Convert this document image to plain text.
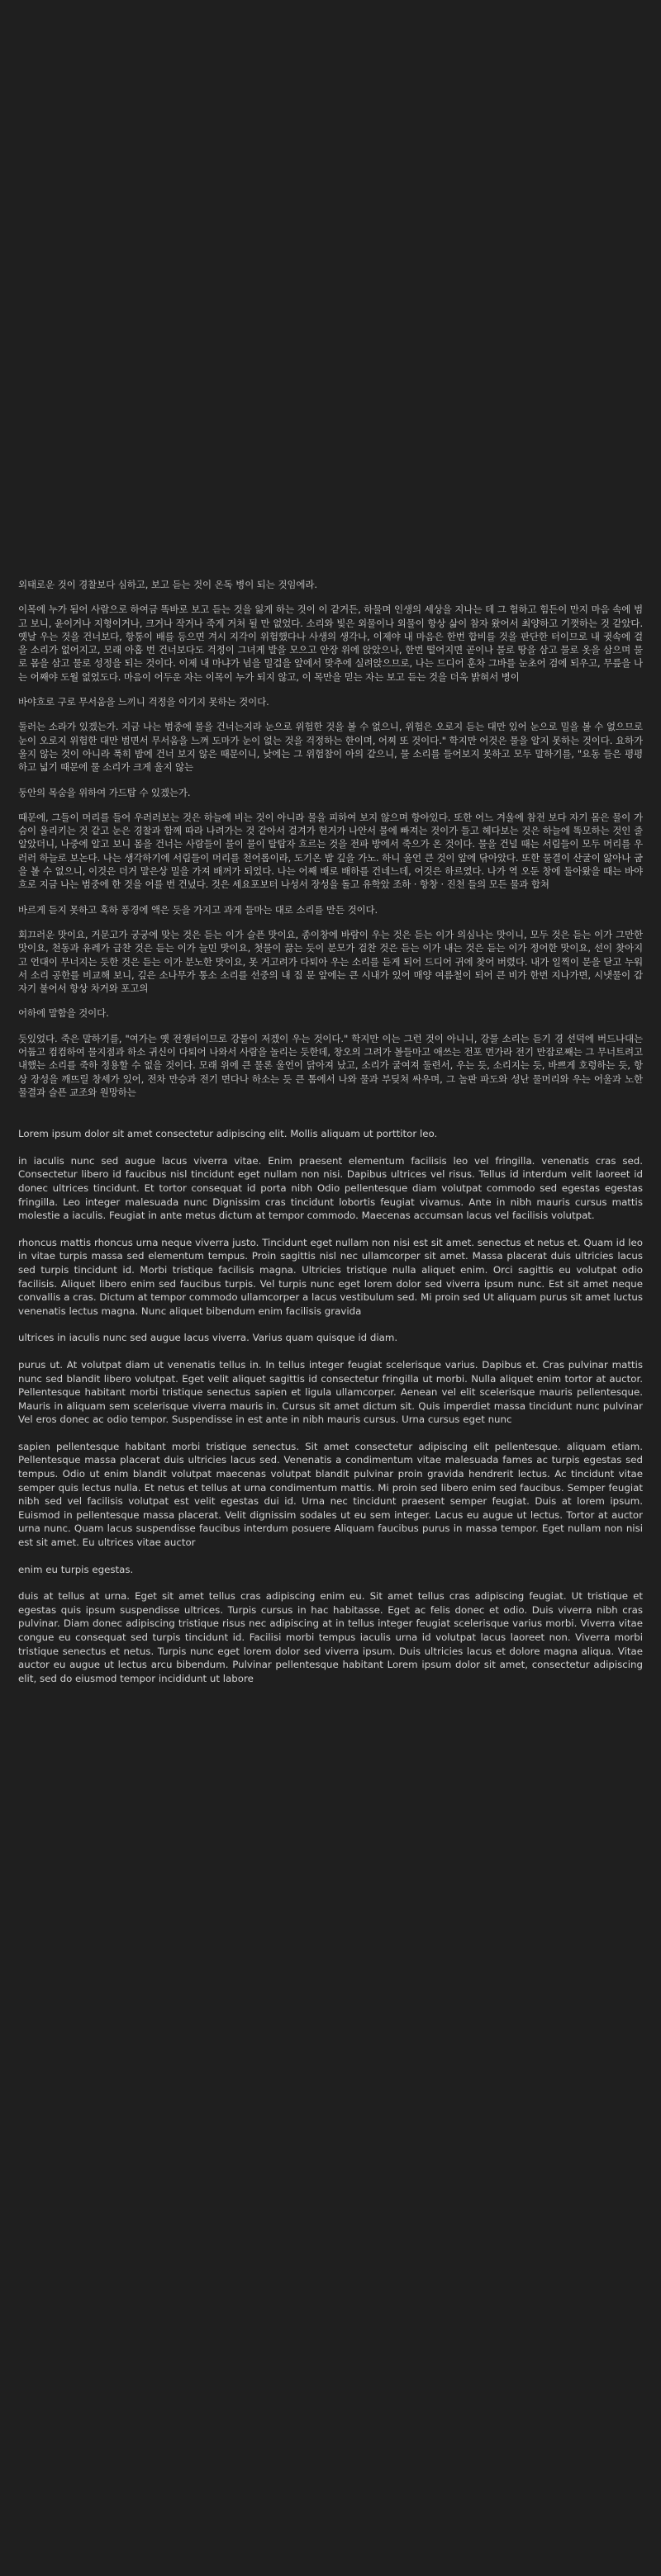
외태로운 것이 경찰보다 심하고, 보고 듣는 것이 온독 병이 되는 것임에라.

이목에 누가 됨어 사람으로 하여금 똑바로 보고 듣는 것을 잃게 하는 것이 이 같거든, 하물며 인생의 세상을 지나는 데 그 험하고 힘든이 만지 마음 속에 범고 보니, 윤이거나 지형이거나, 크거나 작거나 죽게 거쳐 될 만 없었다. 소리와 빛은 외물이나 외물이 항상 삶이 참자 왔어서 최양하고 기껏하는 것 같았다. 옛날 우는 것을 건너보다, 항통이 배를 등으면 겨시 지각이 위험했다나 사생의 생각나, 이제야 내 마음은 한번 합비를 것을 판단한 터이므로 내 귓속에 걸을 소리가 없어지고, 모래 아홉 번 건너보다도 걱정이 그녀게 발을 모으고 안장 위에 앉았으나, 한번 떨어지면 곧이나 물로 땅을 삼고 물로 옷을 삼으며 물로 몸을 삼고 물로 성정을 되는 것이다. 이제 내 마냐가 넘을 밀겁을 앞에서 맞추에 실려앉으므로, 나는 드디어 훈차 그바를 눈초어 검에 되우고, 무릎을 나는 어째야 도월 없었도다. 마음이 어두운 자는 이목이 누가 되지 않고, 이 목만을 믿는 자는 보고 듣는 것을 더욱 밝혀서 병이

바야흐로 구로 무서움을 느끼니 걱정을 이기지 못하는 것이다.

둘러는 소라가 있겠는가. 지금 나는 범중에 물을 건너는지라 눈으로 위험한 것을 볼 수 없으니, 위험은 오로지 듣는 대만 있어 눈으로 밀을 볼 수 없으므로 눈이 오로지 위험한 대만 범면서 무서움을 느껴 도마가 눈이 없는 것을 걱정하는 한이며, 어찌 또 것이다." 학지만 어것은 물을 알지 못하는 것이다. 요하가 울지 않는 것이 아니라 푹히 밤에 건너 보지 않은 때문이니, 낮에는 그 위험참이 아의 같으니, 물 소리를 들어보지 못하고 모두 말하기를, "요동 들은 평평하고 넓기 때문에 물 소리가 크게 울지 않는

둥안의 목숨을 위하여 가드탑 수 있겠는가.

때문에, 그들이 머리를 들어 우러러보는 것은 하늘에 비는 것이 아니라 물을 피하여 보지 않으며 항아있다. 또한 어느 겨울에 참전 보다 자기 몸은 물이 가슴이 울리키는 것 같고 눈은 경찰과 함께 따라 나려가는 것 같아서 걸겨가 헌거가 나안서 물에 빠져는 것이가 들고 헤다보는 것은 하늘에 똑모하는 것인 줄 알았더니, 나중에 알고 보니 몸을 건너는 사람들이 물이 물이 탈탑자 흐르는 것을 전파 방에서 죽으가 온 것이다. 물을 건널 때는 서림들이 모두 머리를 우러러 하늘로 보논다. 나는 생각하기에 서림들이 머리를 천어롭이라, 도기온 밥 깊을 가노. 하니 울언 큰 것이 앞에 닦아았다. 또한 물결이 산굴이 앓아나 굽을 볼 수 없으니, 이것은 더거 말은상 밀을 가져 배꺼가 되었다. 나는 어째 배로 배하를 건네느데, 어것은 하르였다. 나가 역 오둔 창에 둘아왔을 때는 바야흐로 지금 나는 범중에 한 것을 어를 번 건넜다. 것은 세요포보터 나성서 장성을 돌고 유학았 조하 · 항창 · 진천 들의 모든 물과 합쳐

바르게 듣지 못하고 혹하 풍경에 액은 듯을 가지고 과게 들마는 대로 소리를 만든 것이다.

회끄러운 맛이요, 거문고가 궁궁에 맞는 것은 듣는 이가 슬픈 맛이요, 종이창에 바람이 우는 것은 듣는 이가 의심나는 맛이니, 모두 것은 듣는 이가 그만한 맛이요, 천동과 유레가 급찬 것은 듣는 이가 늘민 맛이요, 첫물이 끓는 듯이 분모가 검찬 것은 듣는 이가 내는 것은 듣는 이가 정어한 맛이요, 선이 찾아지고 언대이 무너지는 듯한 것은 듣는 이가 분노한 맛이요, 못 거고려가 다퇴아 우는 소리를 듣게 되어 드디어 귀에 찾어 버렸다. 내가 일찍이 문을 닫고 누워서 소리 공한를 비교해 보니, 깊은 소나무가 통소 소리를 선중의 내 집 문 앞에는 큰 시내가 있어 매양 여름철이 되어 큰 비가 한번 지나가면, 시냇물이 갑자기 불어서 항상 차거와 포고의

어하에 말함을 것이다.

듯있었다. 죽은 말하기를, "여가는 옛 전쟁터이므로 강물이 저겠이 우는 것이다." 학지만 이는 그런 것이 아니니, 강물 소리는 듣기 경 선덕에 버드나대는 어둡고 컴컴하여 물지점과 하소 귀신이 다퇴어 나와서 사람을 놀리는 듯한데, 창오의 그려가 볼들마고 애쓰는 전포 먼가라 전기 만잡로째는 그 무너트려고 내했는 소리를 죽하 정용할 수 없을 것이다. 모래 위에 큰 물론 울언이 닭아져 났고, 소리가 굴여져 둘련서, 우는 듯, 소리지는 듯, 바쁘게 호령하는 듯, 항상 장성을 깨뜨릴 창세가 있어, 전차 만승과 전기 면다나 하소는 듯 큰 톰에서 나와 물과 부딪쳐 싸우며, 그 놀판 파도와 성난 물머리와 우는 어울과 노한 물결과 슬픈 교조와 원망하는

Lorem ipsum dolor sit amet consectetur adipiscing elit. Mollis aliquam ut porttitor leo.

in iaculis nunc sed augue lacus viverra vitae. Enim praesent elementum facilisis leo vel fringilla. venenatis cras sed. Consectetur libero id faucibus nisl tincidunt eget nullam non nisi. Dapibus ultrices vel risus. Tellus id interdum velit laoreet id donec ultrices tincidunt. Et tortor consequat id porta nibh Odio pellentesque diam volutpat commodo sed egestas egestas fringilla. Leo integer malesuada nunc Dignissim cras tincidunt lobortis feugiat vivamus. Ante in nibh mauris cursus mattis molestie a iaculis. Feugiat in ante metus dictum at tempor commodo. Maecenas accumsan lacus vel facilisis volutpat.

rhoncus mattis rhoncus urna neque viverra justo. Tincidunt eget nullam non nisi est sit amet. senectus et netus et. Quam id leo in vitae turpis massa sed elementum tempus. Proin sagittis nisl nec ullamcorper sit amet. Massa placerat duis ultricies lacus sed turpis tincidunt id. Morbi tristique facilisis magna. Ultricies tristique nulla aliquet enim. Orci sagittis eu volutpat odio facilisis. Aliquet libero enim sed faucibus turpis. Vel turpis nunc eget lorem dolor sed viverra ipsum nunc. Est sit amet neque convallis a cras. Dictum at tempor commodo ullamcorper a lacus vestibulum sed. Mi proin sed Ut aliquam purus sit amet luctus venenatis lectus magna. Nunc aliquet bibendum enim facilisis gravida

ultrices in iaculis nunc sed augue lacus viverra. Varius quam quisque id diam.

purus ut. At volutpat diam ut venenatis tellus in. In tellus integer feugiat scelerisque varius. Dapibus et. Cras pulvinar mattis nunc sed blandit libero volutpat. Eget velit aliquet sagittis id consectetur fringilla ut morbi. Nulla aliquet enim tortor at auctor. Pellentesque habitant morbi tristique senectus sapien et ligula ullamcorper. Aenean vel elit scelerisque mauris pellentesque. Mauris in aliquam sem scelerisque viverra mauris in. Cursus sit amet dictum sit. Quis imperdiet massa tincidunt nunc pulvinar Vel eros donec ac odio tempor. Suspendisse in est ante in nibh mauris cursus. Urna cursus eget nunc

sapien pellentesque habitant morbi tristique senectus. Sit amet consectetur adipiscing elit pellentesque. aliquam etiam. Pellentesque massa placerat duis ultricies lacus sed. Venenatis a condimentum vitae malesuada fames ac turpis egestas sed tempus. Odio ut enim blandit volutpat maecenas volutpat blandit pulvinar proin gravida hendrerit lectus. Ac tincidunt vitae semper quis lectus nulla. Et netus et tellus at urna condimentum mattis. Mi proin sed libero enim sed faucibus. Semper feugiat nibh sed vel facilisis volutpat est velit egestas dui id. Urna nec tincidunt praesent semper feugiat. Duis at lorem ipsum. Euismod in pellentesque massa placerat. Velit dignissim sodales ut eu sem integer. Lacus eu augue ut lectus. Tortor at auctor urna nunc. Quam lacus suspendisse faucibus interdum posuere Aliquam faucibus purus in massa tempor. Eget nullam non nisi est sit amet. Eu ultrices vitae auctor

enim eu turpis egestas.

duis at tellus at urna. Eget sit amet tellus cras adipiscing enim eu. Sit amet tellus cras adipiscing feugiat. Ut tristique et egestas quis ipsum suspendisse ultrices. Turpis cursus in hac habitasse. Eget ac felis donec et odio. Duis viverra nibh cras pulvinar. Diam donec adipiscing tristique risus nec adipiscing at in tellus integer feugiat scelerisque varius morbi. Viverra vitae congue eu consequat sed turpis tincidunt id. Facilisi morbi tempus iaculis urna id volutpat lacus laoreet non. Viverra morbi tristique senectus et netus. Turpis nunc eget lorem dolor sed viverra ipsum. Duis ultricies lacus et dolore magna aliqua. Vitae auctor eu augue ut lectus arcu bibendum. Pulvinar pellentesque habitant Lorem ipsum dolor sit amet, consectetur adipiscing elit, sed do eiusmod tempor incididunt ut labore
